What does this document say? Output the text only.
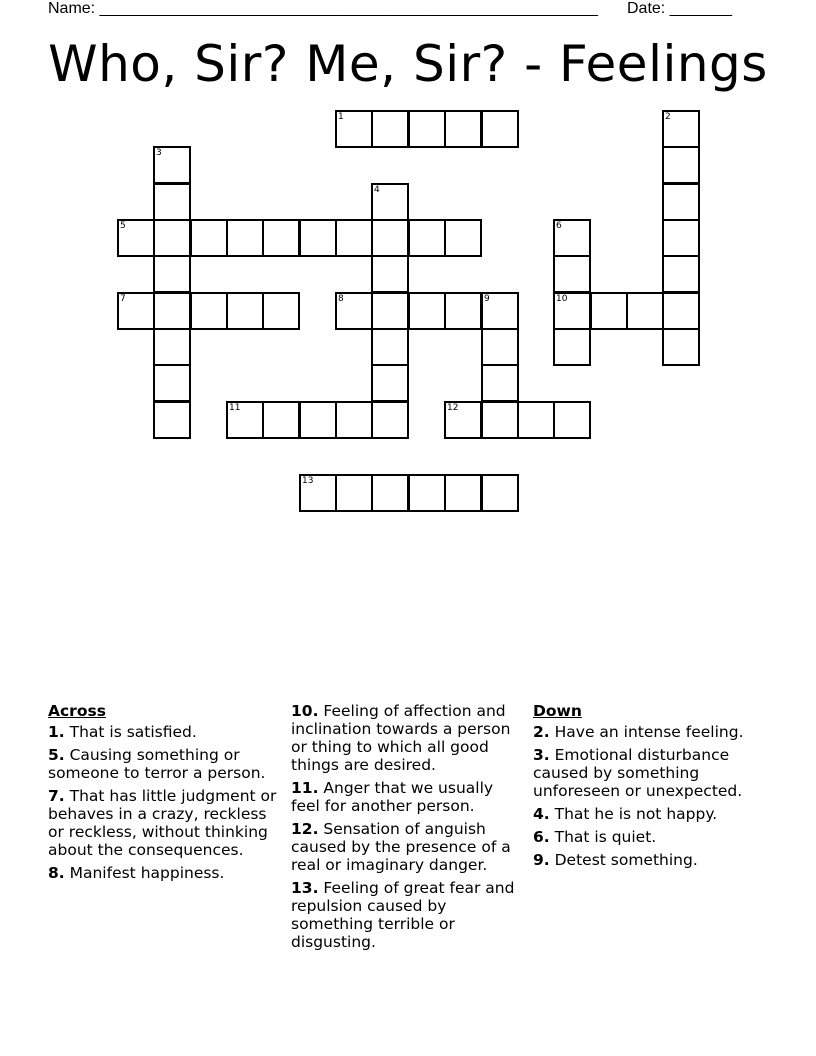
Name: ________________________________________________________ Date: _______
Who, Sir? Me, Sir? - Feelings
1	2
3
4
5	6
10
7	8	9
11	12
13
Across
1. That is satisfied.
5. Causing something or someone to terror a person.
7. That has little judgment or behaves in a crazy, reckless or reckless, without thinking about the consequences.
8. Manifest happiness.
10. Feeling of affection and inclination towards a person or thing to which all good things are desired.
11. Anger that we usually feel for another person.
12. Sensation of anguish caused by the presence of a real or imaginary danger.
13. Feeling of great fear and repulsion caused by something terrible or disgusting.
Down
2. Have an intense feeling.
3. Emotional disturbance caused by something unforeseen or unexpected.
4. That he is not happy.
6. That is quiet.
9. Detest something.
